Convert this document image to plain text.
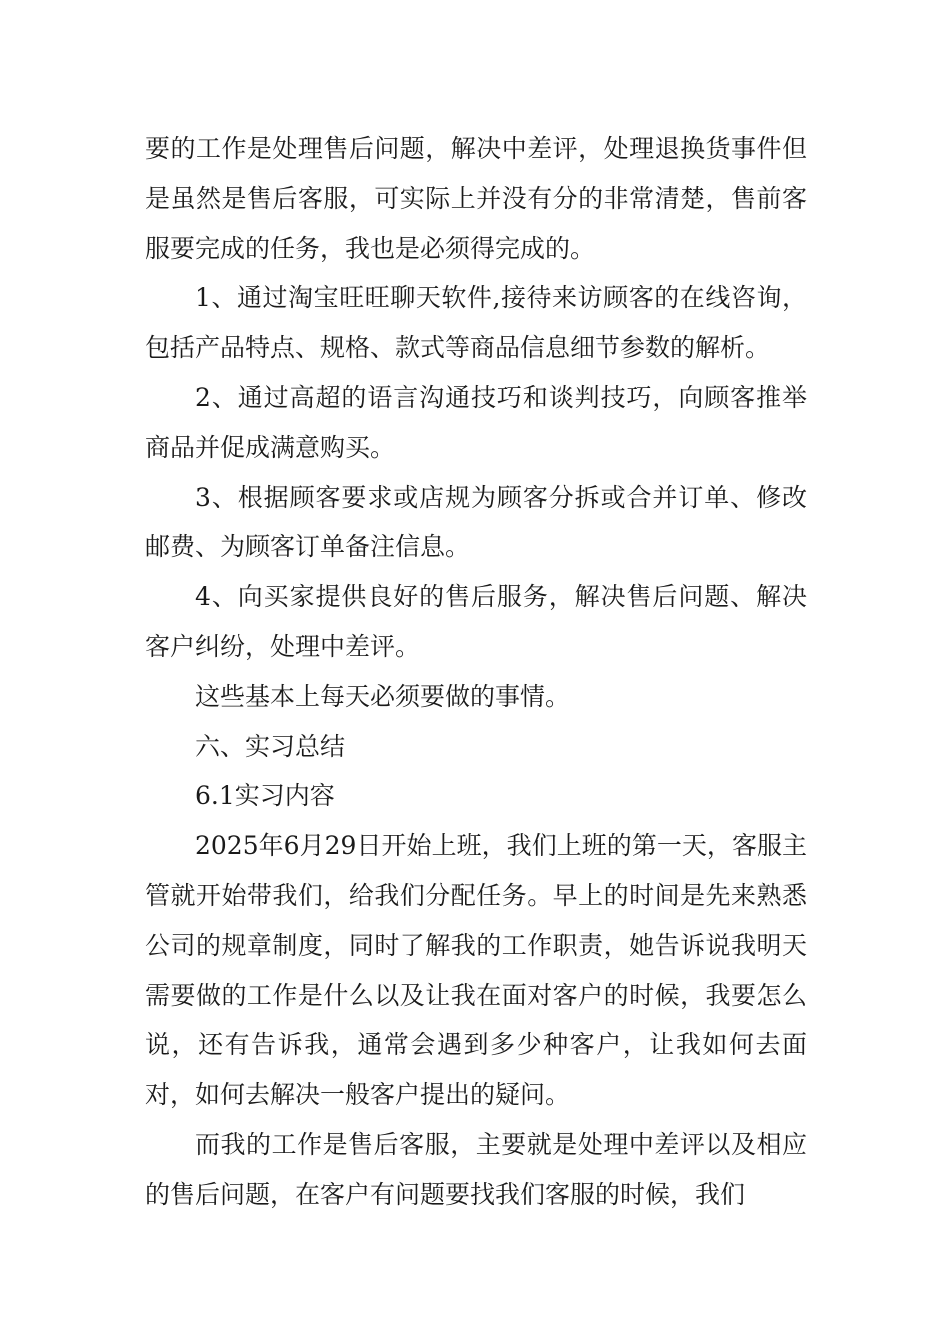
要的工作是处理售后问题，解决中差评，处理退换货事件但是虽然是售后客服，可实际上并没有分的非常清楚，售前客服要完成的任务，我也是必须得完成的。

1、通过淘宝旺旺聊天软件,接待来访顾客的在线咨询，包括产品特点、规格、款式等商品信息细节参数的解析。

2、通过高超的语言沟通技巧和谈判技巧，向顾客推举商品并促成满意购买。

3、根据顾客要求或店规为顾客分拆或合并订单、修改邮费、为顾客订单备注信息。

4、向买家提供良好的售后服务，解决售后问题、解决客户纠纷，处理中差评。

这些基本上每天必须要做的事情。

六、实习总结

6.1实习内容

2025年6月29日开始上班，我们上班的第一天，客服主管就开始带我们，给我们分配任务。早上的时间是先来熟悉公司的规章制度，同时了解我的工作职责，她告诉说我明天需要做的工作是什么以及让我在面对客户的时候，我要怎么说，还有告诉我，通常会遇到多少种客户，让我如何去面对，如何去解决一般客户提出的疑问。

而我的工作是售后客服，主要就是处理中差评以及相应的售后问题，在客户有问题要找我们客服的时候，我们
